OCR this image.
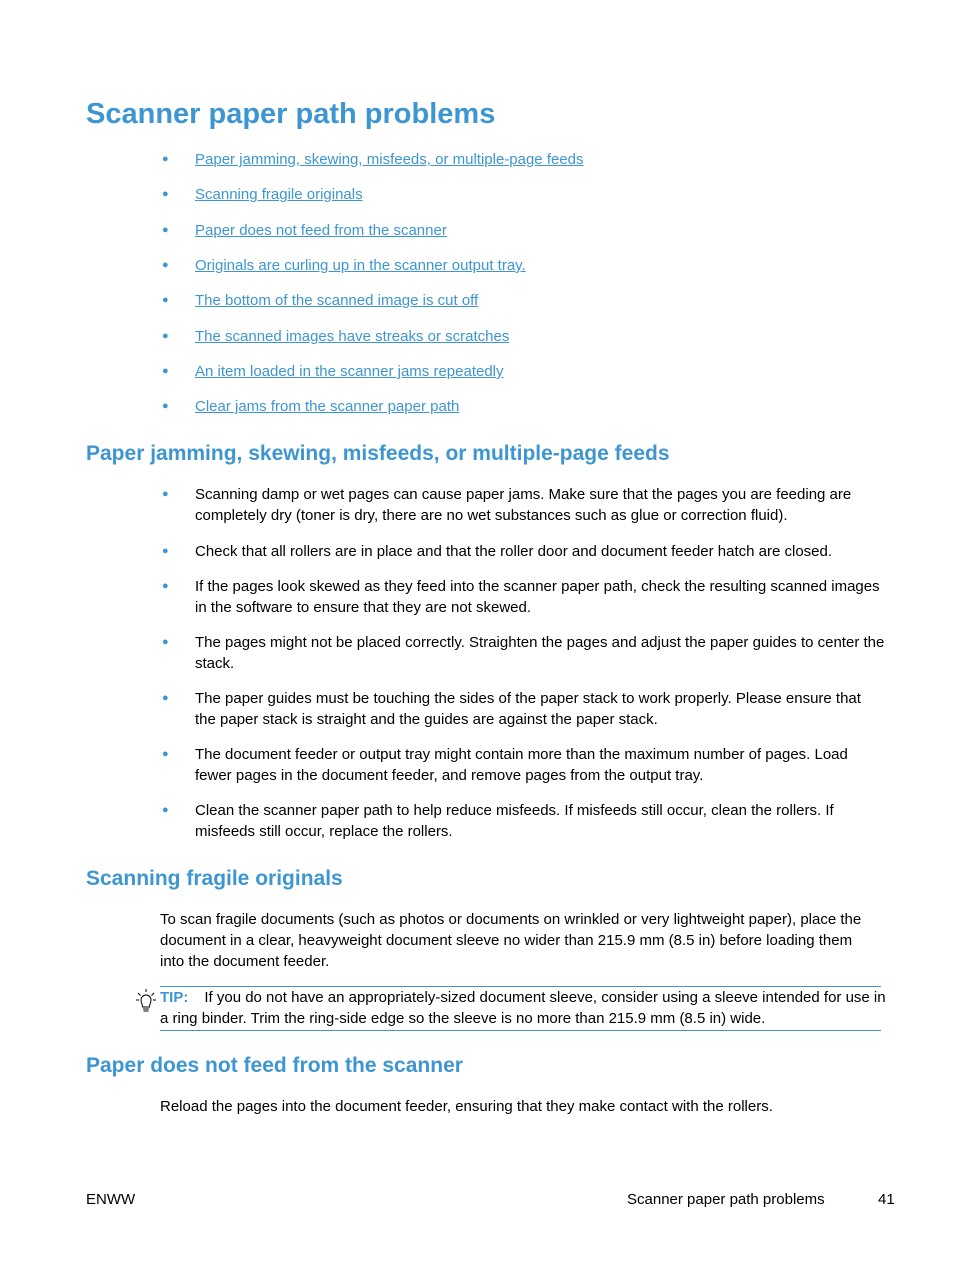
Scanner paper path problems
● Paper jamming, skewing, misfeeds, or multiple-page feeds
● Scanning fragile originals
● Paper does not feed from the scanner
● Originals are curling up in the scanner output tray.
● The bottom of the scanned image is cut off
● The scanned images have streaks or scratches
● An item loaded in the scanner jams repeatedly
● Clear jams from the scanner paper path
Paper jamming, skewing, misfeeds, or multiple-page feeds
● Scanning damp or wet pages can cause paper jams. Make sure that the pages you are feeding are completely dry (toner is dry, there are no wet substances such as glue or correction fluid).
● Check that all rollers are in place and that the roller door and document feeder hatch are closed.
● If the pages look skewed as they feed into the scanner paper path, check the resulting scanned images in the software to ensure that they are not skewed.
● The pages might not be placed correctly. Straighten the pages and adjust the paper guides to center the stack.
● The paper guides must be touching the sides of the paper stack to work properly. Please ensure that the paper stack is straight and the guides are against the paper stack.
● The document feeder or output tray might contain more than the maximum number of pages. Load fewer pages in the document feeder, and remove pages from the output tray.
● Clean the scanner paper path to help reduce misfeeds. If misfeeds still occur, clean the rollers. If misfeeds still occur, replace the rollers.
Scanning fragile originals

To scan fragile documents (such as photos or documents on wrinkled or very lightweight paper), place the document in a clear, heavyweight document sleeve no wider than 215.9 mm (8.5 in) before loading them into the document feeder.

TIP: If you do not have an appropriately-sized document sleeve, consider using a sleeve intended for use in a ring binder. Trim the ring-side edge so the sleeve is no more than 215.9 mm (8.5 in) wide.
Paper does not feed from the scanner

Reload the pages into the document feeder, ensuring that they make contact with the rollers.

ENWW	Scanner paper path problems	41
